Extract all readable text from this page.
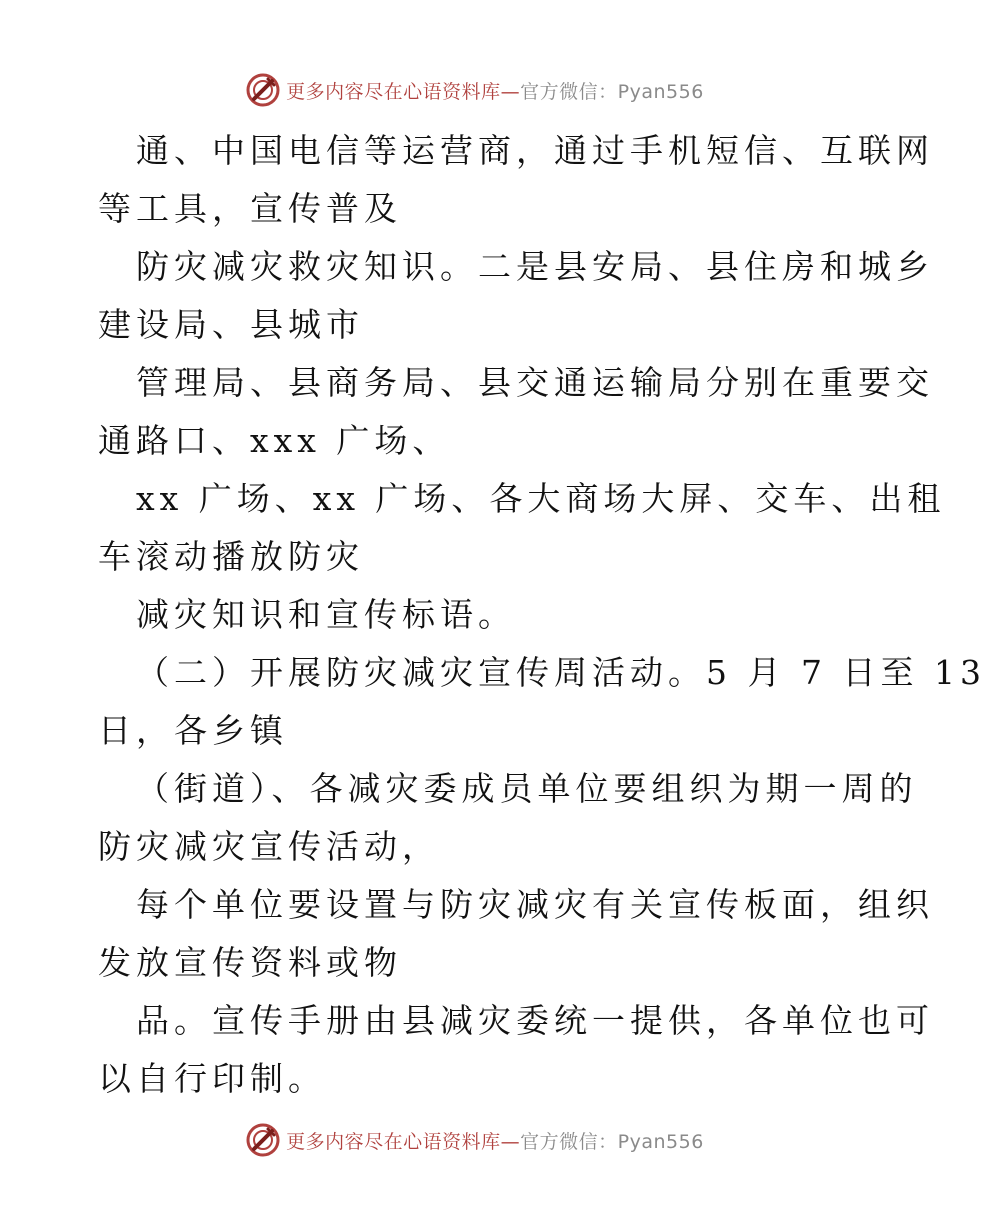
更多内容尽在心语资料库—官方微信：Pyan556
通、中国电信等运营商，通过手机短信、互联网
等工具，宣传普及
防灾减灾救灾知识。二是县安局、县住房和城乡
建设局、县城市
管理局、县商务局、县交通运输局分别在重要交
通路口、xxx 广场、
xx 广场、xx 广场、各大商场大屏、交车、出租
车滚动播放防灾
减灾知识和宣传标语。
（二）开展防灾减灾宣传周活动。5 月 7 日至 13
日，各乡镇
（街道）、各减灾委成员单位要组织为期一周的
防灾减灾宣传活动，
每个单位要设置与防灾减灾有关宣传板面，组织
发放宣传资料或物
品。宣传手册由县减灾委统一提供，各单位也可
以自行印制。
更多内容尽在心语资料库—官方微信：Pyan556
